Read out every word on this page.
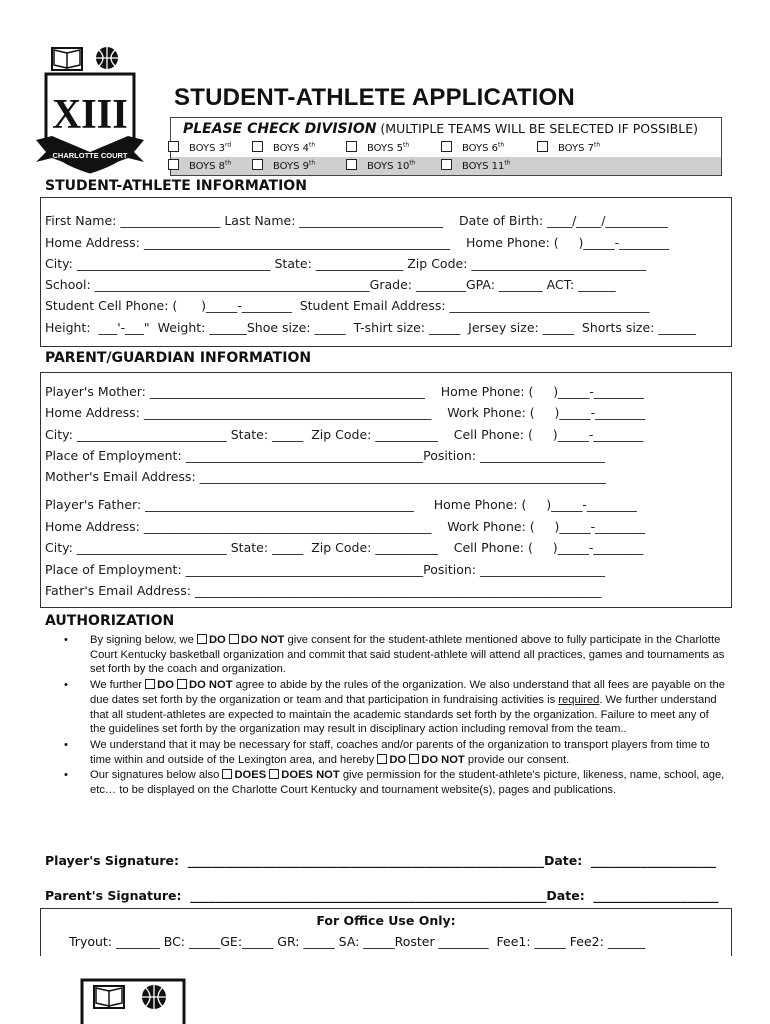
XIII
CHARLOTTE COURT
STUDENT-ATHLETE APPLICATION
PLEASE CHECK DIVISION (MULTIPLE TEAMS WILL BE SELECTED IF POSSIBLE)
BOYS 3rd	BOYS 4th	BOYS 5th	BOYS 6th	BOYS 7th
BOYS 8th	BOYS 9th	BOYS 10th	BOYS 11th
STUDENT-ATHLETE INFORMATION
First Name: ________________ Last Name: _______________________    Date of Birth: ____/____/__________
Home Address: _________________________________________________    Home Phone: (     )_____-________
City: _______________________________ State: ______________ Zip Code: ____________________________
School: ____________________________________________Grade: ________GPA: _______ ACT: ______
Student Cell Phone: (      )_____-________  Student Email Address: ________________________________
Height:  ___'-___"  Weight: ______Shoe size: _____  T-shirt size: _____  Jersey size: _____  Shorts size: ______
PARENT/GUARDIAN INFORMATION
Player's Mother: ____________________________________________    Home Phone: (     )_____-________
Home Address: ______________________________________________    Work Phone: (     )_____-________
City: ________________________ State: _____  Zip Code: __________    Cell Phone: (     )_____-________
Place of Employment: ______________________________________Position: ____________________
Mother's Email Address: _________________________________________________________________
Player's Father: ___________________________________________     Home Phone: (     )_____-________
Home Address: ______________________________________________    Work Phone: (     )_____-________
City: ________________________ State: _____  Zip Code: __________    Cell Phone: (     )_____-________
Place of Employment: ______________________________________Position: ____________________
Father's Email Address: _________________________________________________________________
AUTHORIZATION
• By signing below, we DO DO NOT give consent for the student-athlete mentioned above to fully participate in the Charlotte Court Kentucky basketball organization and commit that said student-athlete will attend all practices, games and tournaments as set forth by the coach and organization.
• We further DO DO NOT agree to abide by the rules of the organization. We also understand that all fees are payable on the due dates set forth by the organization or team and that participation in fundraising activities is required. We further understand that all student-athletes are expected to maintain the academic standards set forth by the organization. Failure to meet any of the guidelines set forth by the organization may result in disciplinary action including removal from the team..
• We understand that it may be necessary for staff, coaches and/or parents of the organization to transport players from time to time within and outside of the Lexington area, and hereby DO DO NOT provide our consent.
• Our signatures below also DOES DOES NOT give permission for the student-athlete's picture, likeness, name, school, age, etc… to be displayed on the Charlotte Court Kentucky and tournament website(s), pages and publications.
Player's Signature:  _________________________________________________________Date:  ____________________
Parent's Signature:  _________________________________________________________Date:  ____________________
For Office Use Only:
Tryout: _______ BC: _____GE:_____ GR: _____ SA: _____Roster ________  Fee1: _____ Fee2: ______
